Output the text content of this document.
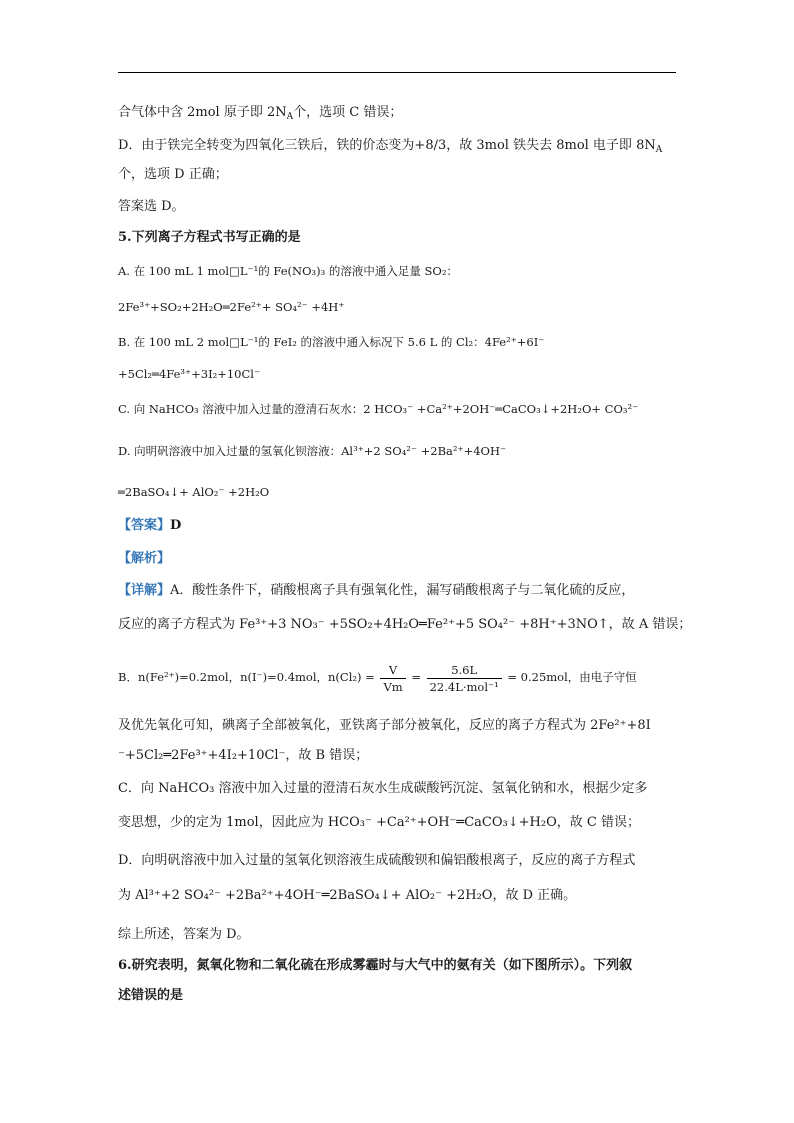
合气体中含 2mol 原子即 $2N_A$个，选项 C 错误；
D．由于铁完全转变为四氧化三铁后，铁的价态变为+8/3，故 3mol 铁失去 8mol 电子即 $8N_A$
个，选项 D 正确；
答案选 D。
5.下列离子方程式书写正确的是
A. 在 100 mL 1 mol□L⁻¹的 Fe(NO₃)₃ 的溶液中通入足量 SO₂：
2Fe³⁺+SO₂+2H₂O═2Fe²⁺+ SO₄²⁻ +4H⁺
B. 在 100 mL 2 mol□L⁻¹的 FeI₂ 的溶液中通入标况下 5.6 L 的 Cl₂：4Fe²⁺+6I⁻
+5Cl₂═4Fe³⁺+3I₂+10Cl⁻
C. 向 NaHCO₃ 溶液中加入过量的澄清石灰水：2 HCO₃⁻ +Ca²⁺+2OH⁻═CaCO₃↓+2H₂O+ CO₃²⁻
D. 向明矾溶液中加入过量的氢氧化钡溶液：Al³⁺+2 SO₄²⁻ +2Ba²⁺+4OH⁻
═2BaSO₄↓+ AlO₂⁻ +2H₂O
【答案】D
【解析】
【详解】A．酸性条件下，硝酸根离子具有强氧化性，漏写硝酸根离子与二氧化硫的反应，
反应的离子方程式为 Fe³⁺+3 NO₃⁻ +5SO₂+4H₂O═Fe²⁺+5 SO₄²⁻ +8H⁺+3NO↑，故 A 错误；
B．n(Fe²⁺)=0.2mol，n(I⁻)=0.4mol，$n(Cl_2) = \frac{V}{Vm} = \frac{5.6L}{\text{22.4L·mol⁻¹}} = 0.25mol$，由电子守恒
及优先氧化可知，碘离子全部被氧化，亚铁离子部分被氧化，反应的离子方程式为 2Fe²⁺+8I
⁻+5Cl₂═2Fe³⁺+4I₂+10Cl⁻，故 B 错误；
C．向 NaHCO₃ 溶液中加入过量的澄清石灰水生成碳酸钙沉淀、氢氧化钠和水，根据少定多
变思想，少的定为 1mol，因此应为 HCO₃⁻ +Ca²⁺+OH⁻═CaCO₃↓+H₂O，故 C 错误；
D．向明矾溶液中加入过量的氢氧化钡溶液生成硫酸钡和偏铝酸根离子，反应的离子方程式
为 Al³⁺+2 SO₄²⁻ +2Ba²⁺+4OH⁻═2BaSO₄↓+ AlO₂⁻ +2H₂O，故 D 正确。
综上所述，答案为 D。
6.研究表明，氮氧化物和二氧化硫在形成雾霾时与大气中的氨有关（如下图所示）。下列叙
述错误的是
